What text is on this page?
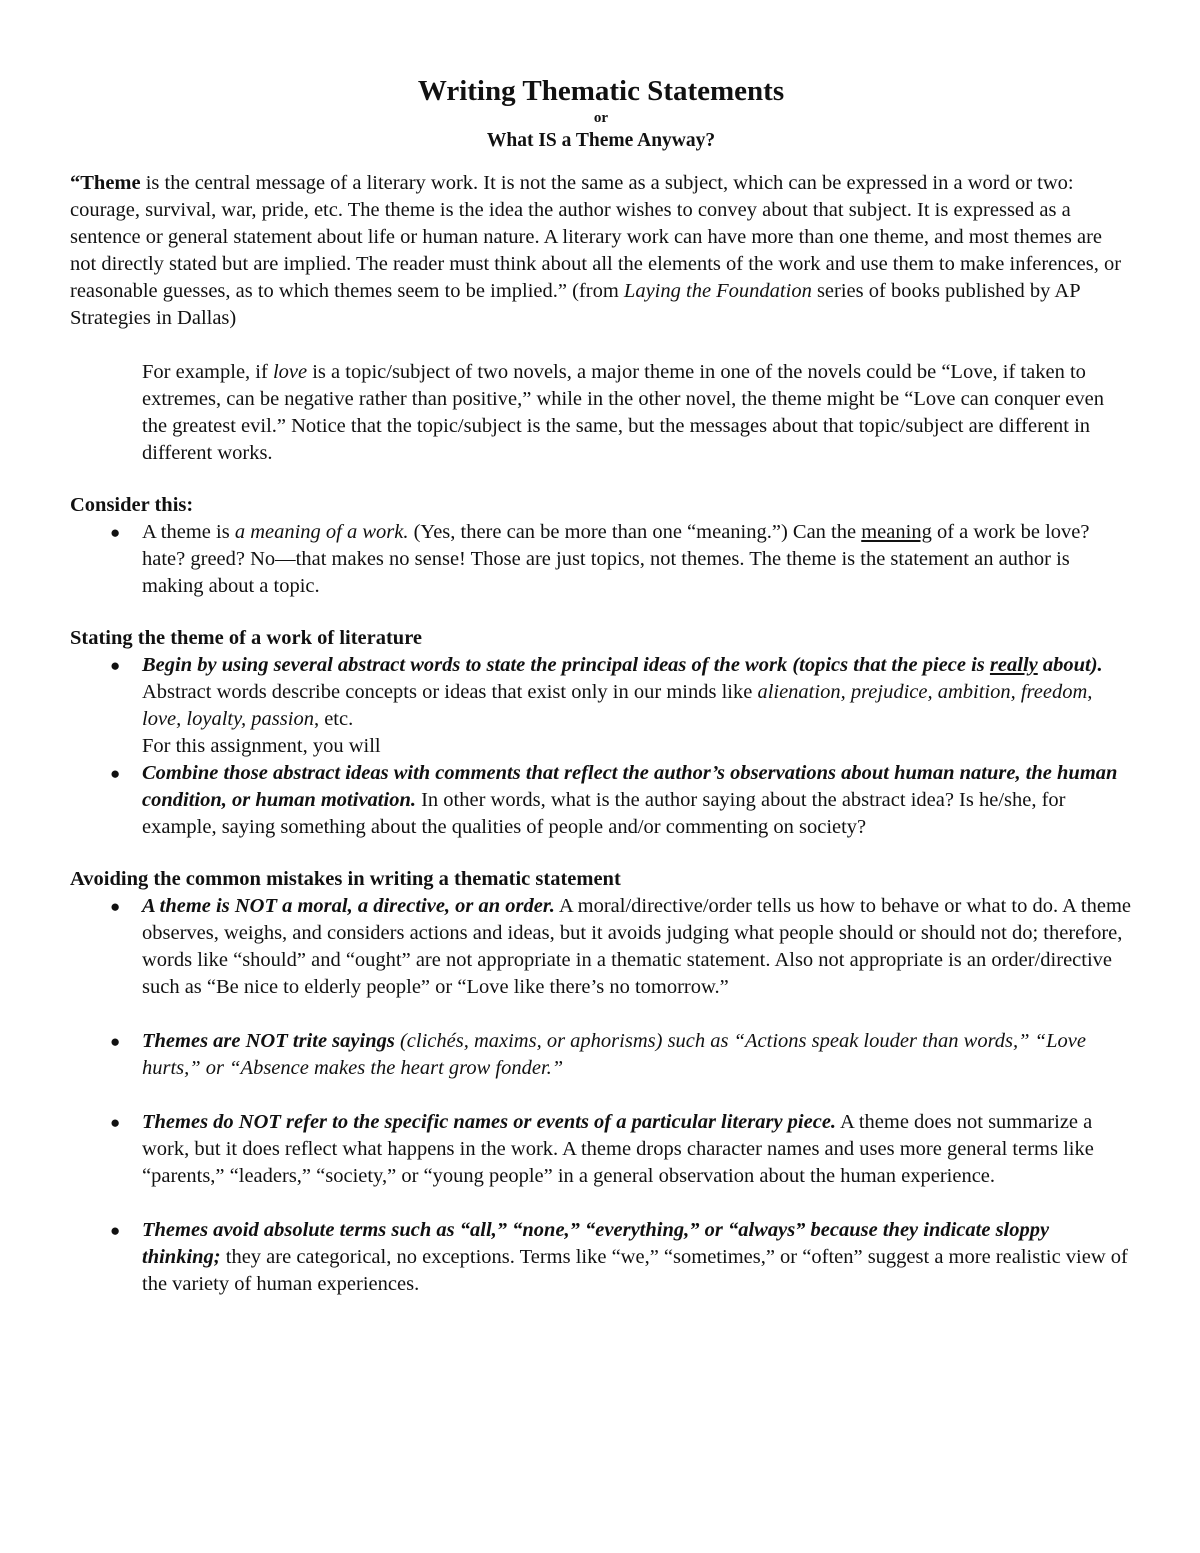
Writing Thematic Statements
or
What IS a Theme Anyway?

“Theme is the central message of a literary work. It is not the same as a subject, which can be expressed in a word or two: courage, survival, war, pride, etc. The theme is the idea the author wishes to convey about that subject. It is expressed as a sentence or general statement about life or human nature. A literary work can have more than one theme, and most themes are not directly stated but are implied. The reader must think about all the elements of the work and use them to make inferences, or reasonable guesses, as to which themes seem to be implied.” (from Laying the Foundation series of books published by AP Strategies in Dallas)

For example, if love is a topic/subject of two novels, a major theme in one of the novels could be “Love, if taken to extremes, can be negative rather than positive,” while in the other novel, the theme might be “Love can conquer even the greatest evil.” Notice that the topic/subject is the same, but the messages about that topic/subject are different in different works.

Consider this:
● A theme is a meaning of a work. (Yes, there can be more than one “meaning.”) Can the meaning of a work be love? hate? greed? No—that makes no sense! Those are just topics, not themes. The theme is the statement an author is making about a topic.
Stating the theme of a work of literature
● Begin by using several abstract words to state the principal ideas of the work (topics that the piece is really about). Abstract words describe concepts or ideas that exist only in our minds like alienation, prejudice, ambition, freedom, love, loyalty, passion, etc.
For this assignment, you will
● Combine those abstract ideas with comments that reflect the author’s observations about human nature, the human condition, or human motivation. In other words, what is the author saying about the abstract idea? Is he/she, for example, saying something about the qualities of people and/or commenting on society?
Avoiding the common mistakes in writing a thematic statement
● A theme is NOT a moral, a directive, or an order. A moral/directive/order tells us how to behave or what to do. A theme observes, weighs, and considers actions and ideas, but it avoids judging what people should or should not do; therefore, words like “should” and “ought” are not appropriate in a thematic statement. Also not appropriate is an order/directive such as “Be nice to elderly people” or “Love like there’s no tomorrow.”
● Themes are NOT trite sayings (clichés, maxims, or aphorisms) such as “Actions speak louder than words,” “Love hurts,” or “Absence makes the heart grow fonder.”
● Themes do NOT refer to the specific names or events of a particular literary piece. A theme does not summarize a work, but it does reflect what happens in the work. A theme drops character names and uses more general terms like “parents,” “leaders,” “society,” or “young people” in a general observation about the human experience.
● Themes avoid absolute terms such as “all,” “none,” “everything,” or “always” because they indicate sloppy thinking; they are categorical, no exceptions. Terms like “we,” “sometimes,” or “often” suggest a more realistic view of the variety of human experiences.
